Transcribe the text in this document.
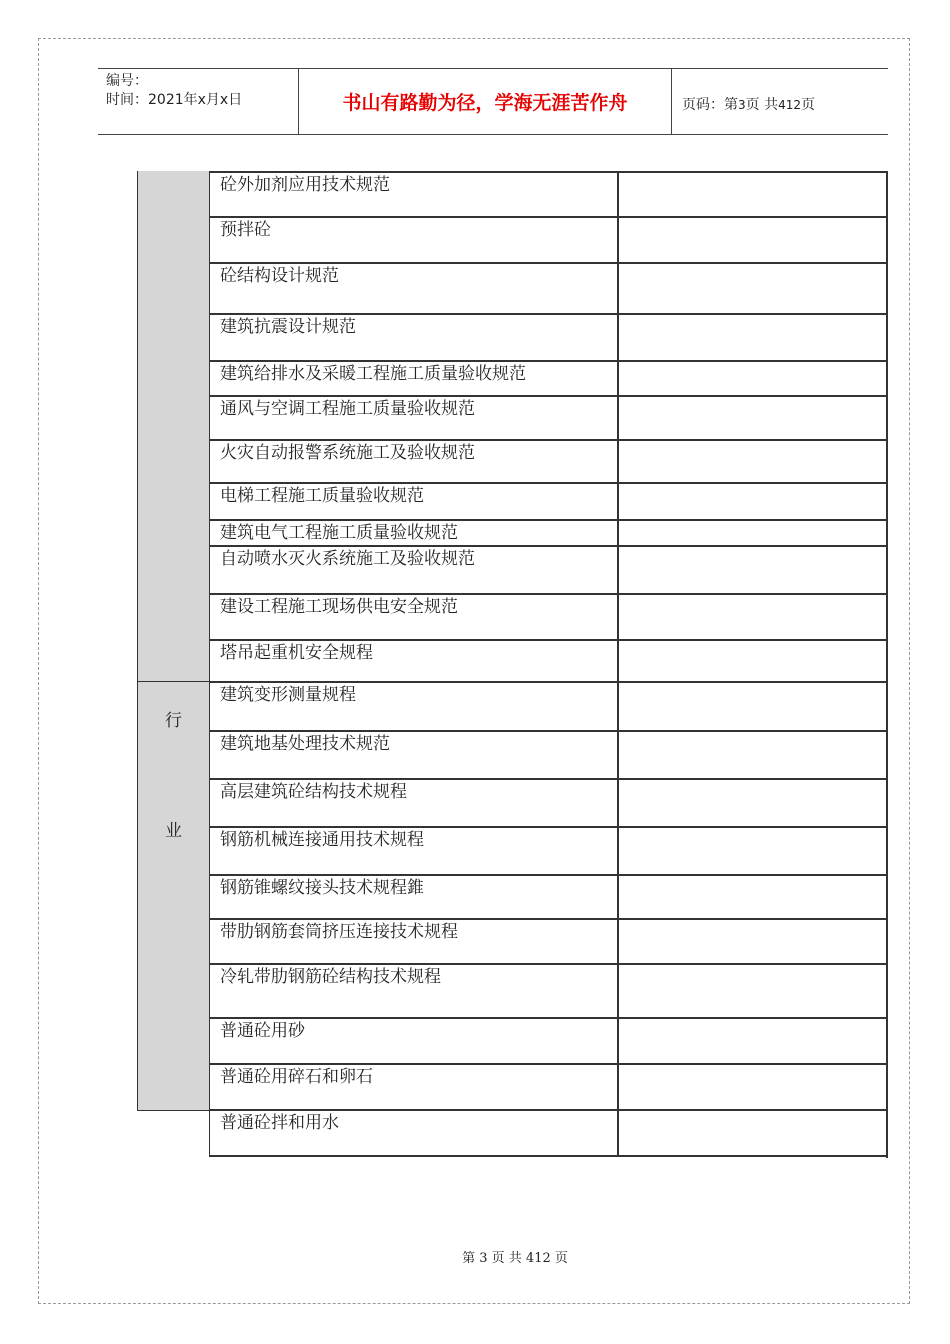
编号：
时间：2021年x月x日	书山有路勤为径，学海无涯苦作舟	页码：第3页 共412页
行
业
砼外加剂应用技术规范
预拌砼
砼结构设计规范
建筑抗震设计规范
建筑给排水及采暖工程施工质量验收规范
通风与空调工程施工质量验收规范
火灾自动报警系统施工及验收规范
电梯工程施工质量验收规范
建筑电气工程施工质量验收规范
自动喷水灭火系统施工及验收规范
建设工程施工现场供电安全规范
塔吊起重机安全规程
建筑变形测量规程
建筑地基处理技术规范
高层建筑砼结构技术规程
钢筋机械连接通用技术规程
钢筋锥螺纹接头技术规程錐
带肋钢筋套筒挤压连接技术规程
冷轧带肋钢筋砼结构技术规程
普通砼用砂
普通砼用碎石和卵石
普通砼拌和用水
第 3 页 共 412 页
